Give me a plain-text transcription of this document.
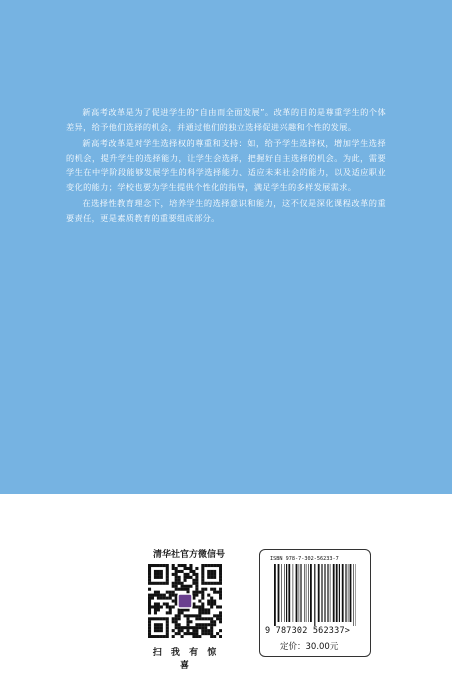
新高考改革是为了促进学生的“自由而全面发展”。改革的目的是尊重学生的个体差异，给予他们选择的机会，并通过他们的独立选择促进兴趣和个性的发展。

新高考改革是对学生选择权的尊重和支持：如，给予学生选择权，增加学生选择的机会，提升学生的选择能力，让学生会选择，把握好自主选择的机会。为此，需要学生在中学阶段能够发展学生的科学选择能力、适应未来社会的能力，以及适应职业变化的能力；学校也要为学生提供个性化的指导，满足学生的多样发展需求。

在选择性教育理念下，培养学生的选择意识和能力，这不仅是深化课程改革的重要责任，更是素质教育的重要组成部分。

清华社官方微信号
扫 我 有 惊 喜
ISBN 978-7-302-56233-7
9 787302 562337>
定价：30.00元
